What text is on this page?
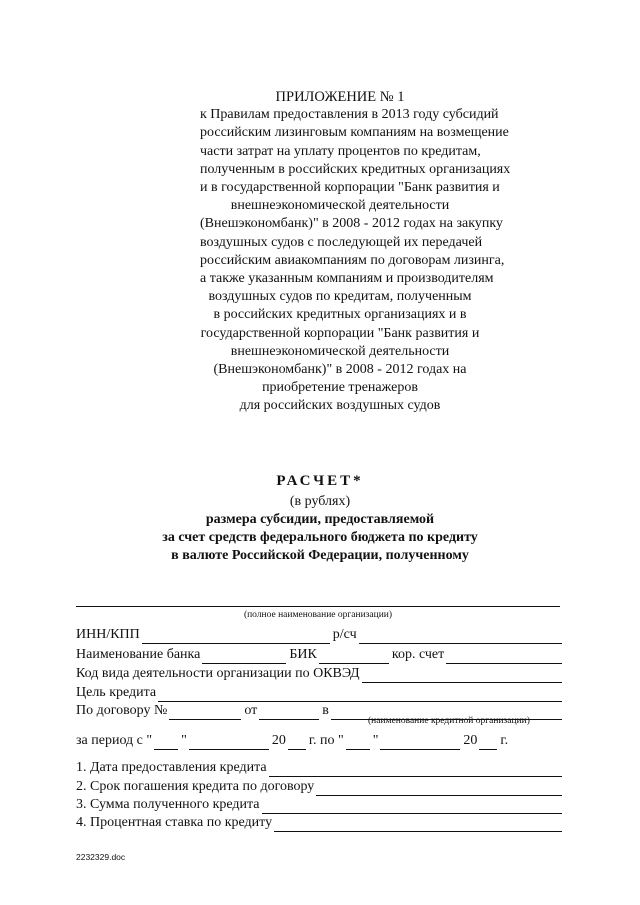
ПРИЛОЖЕНИЕ № 1
к Правилам предоставления в 2013 году субсидий
российским лизинговым компаниям на возмещение
части затрат на уплату процентов по кредитам,
полученным в российских кредитных организациях
и в государственной корпорации "Банк развития и
внешнеэкономической деятельности
(Внешэкономбанк)" в 2008 - 2012 годах на закупку
воздушных судов с последующей их передачей
российским авиакомпаниям по договорам лизинга,
а также указанным компаниям и производителям
воздушных судов по кредитам, полученным
в российских кредитных организациях и в
государственной корпорации "Банк развития и
внешнеэкономической деятельности
(Внешэкономбанк)" в 2008 - 2012 годах на
приобретение тренажеров
для российских воздушных судов
РАСЧЕТ*
(в рублях)
размера субсидии, предоставляемой
за счет средств федерального бюджета по кредиту
в валюте Российской Федерации, полученному
(полное наименование организации)
ИНН/КПП	р/сч
Наименование банка	БИК	кор. счет
Код вида деятельности организации по ОКВЭД
Цель кредита
По договору №	от	в
(наименование кредитной организации)
за период с " "	20 г. по " "	20 г.
1. Дата предоставления кредита
2. Срок погашения кредита по договору
3. Сумма полученного кредита
4. Процентная ставка по кредиту
2232329.doc
